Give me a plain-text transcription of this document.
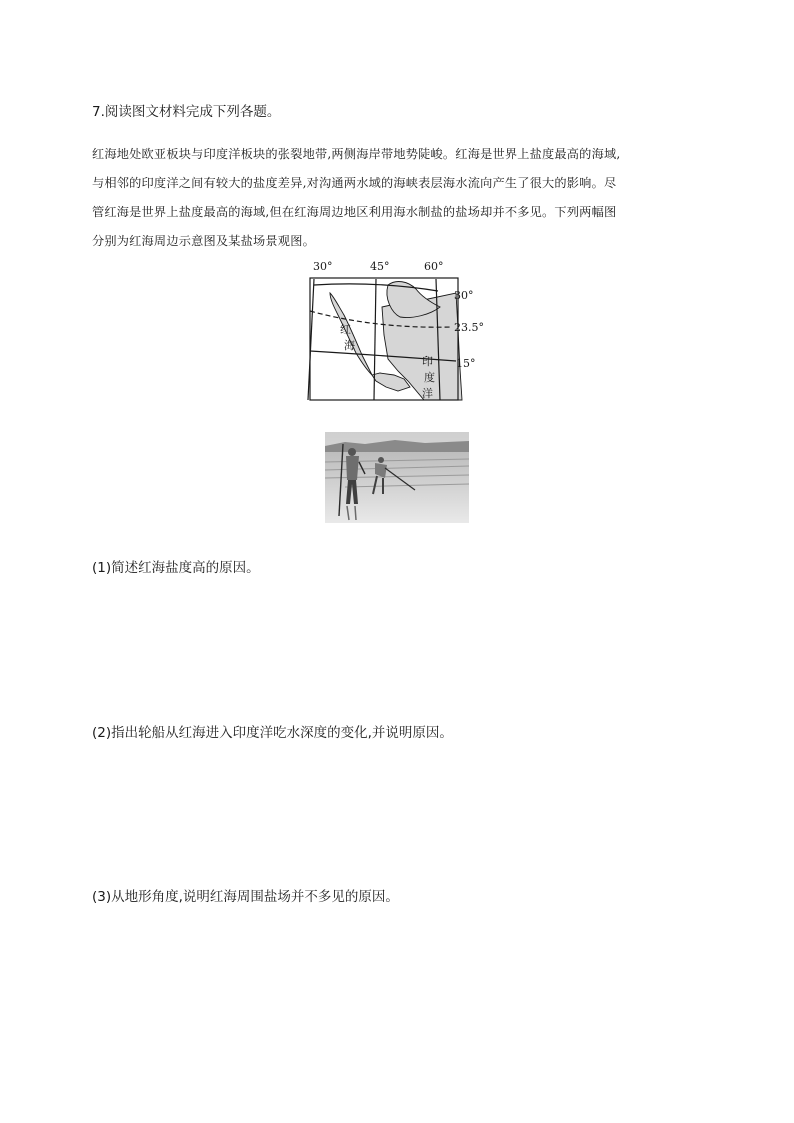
7.阅读图文材料完成下列各题。

红海地处欧亚板块与印度洋板块的张裂地带,两侧海岸带地势陡峻。红海是世界上盐度最高的海域,

与相邻的印度洋之间有较大的盐度差异,对沟通两水域的海峡表层海水流向产生了很大的影响。尽

管红海是世界上盐度最高的海域,但在红海周边地区利用海水制盐的盐场却并不多见。下列两幅图

分别为红海周边示意图及某盐场景观图。

30°	45°	60°
30°
23.5°
15°
红
海
印
度
洋
(1)简述红海盐度高的原因。
(2)指出轮船从红海进入印度洋吃水深度的变化,并说明原因。
(3)从地形角度,说明红海周围盐场并不多见的原因。
